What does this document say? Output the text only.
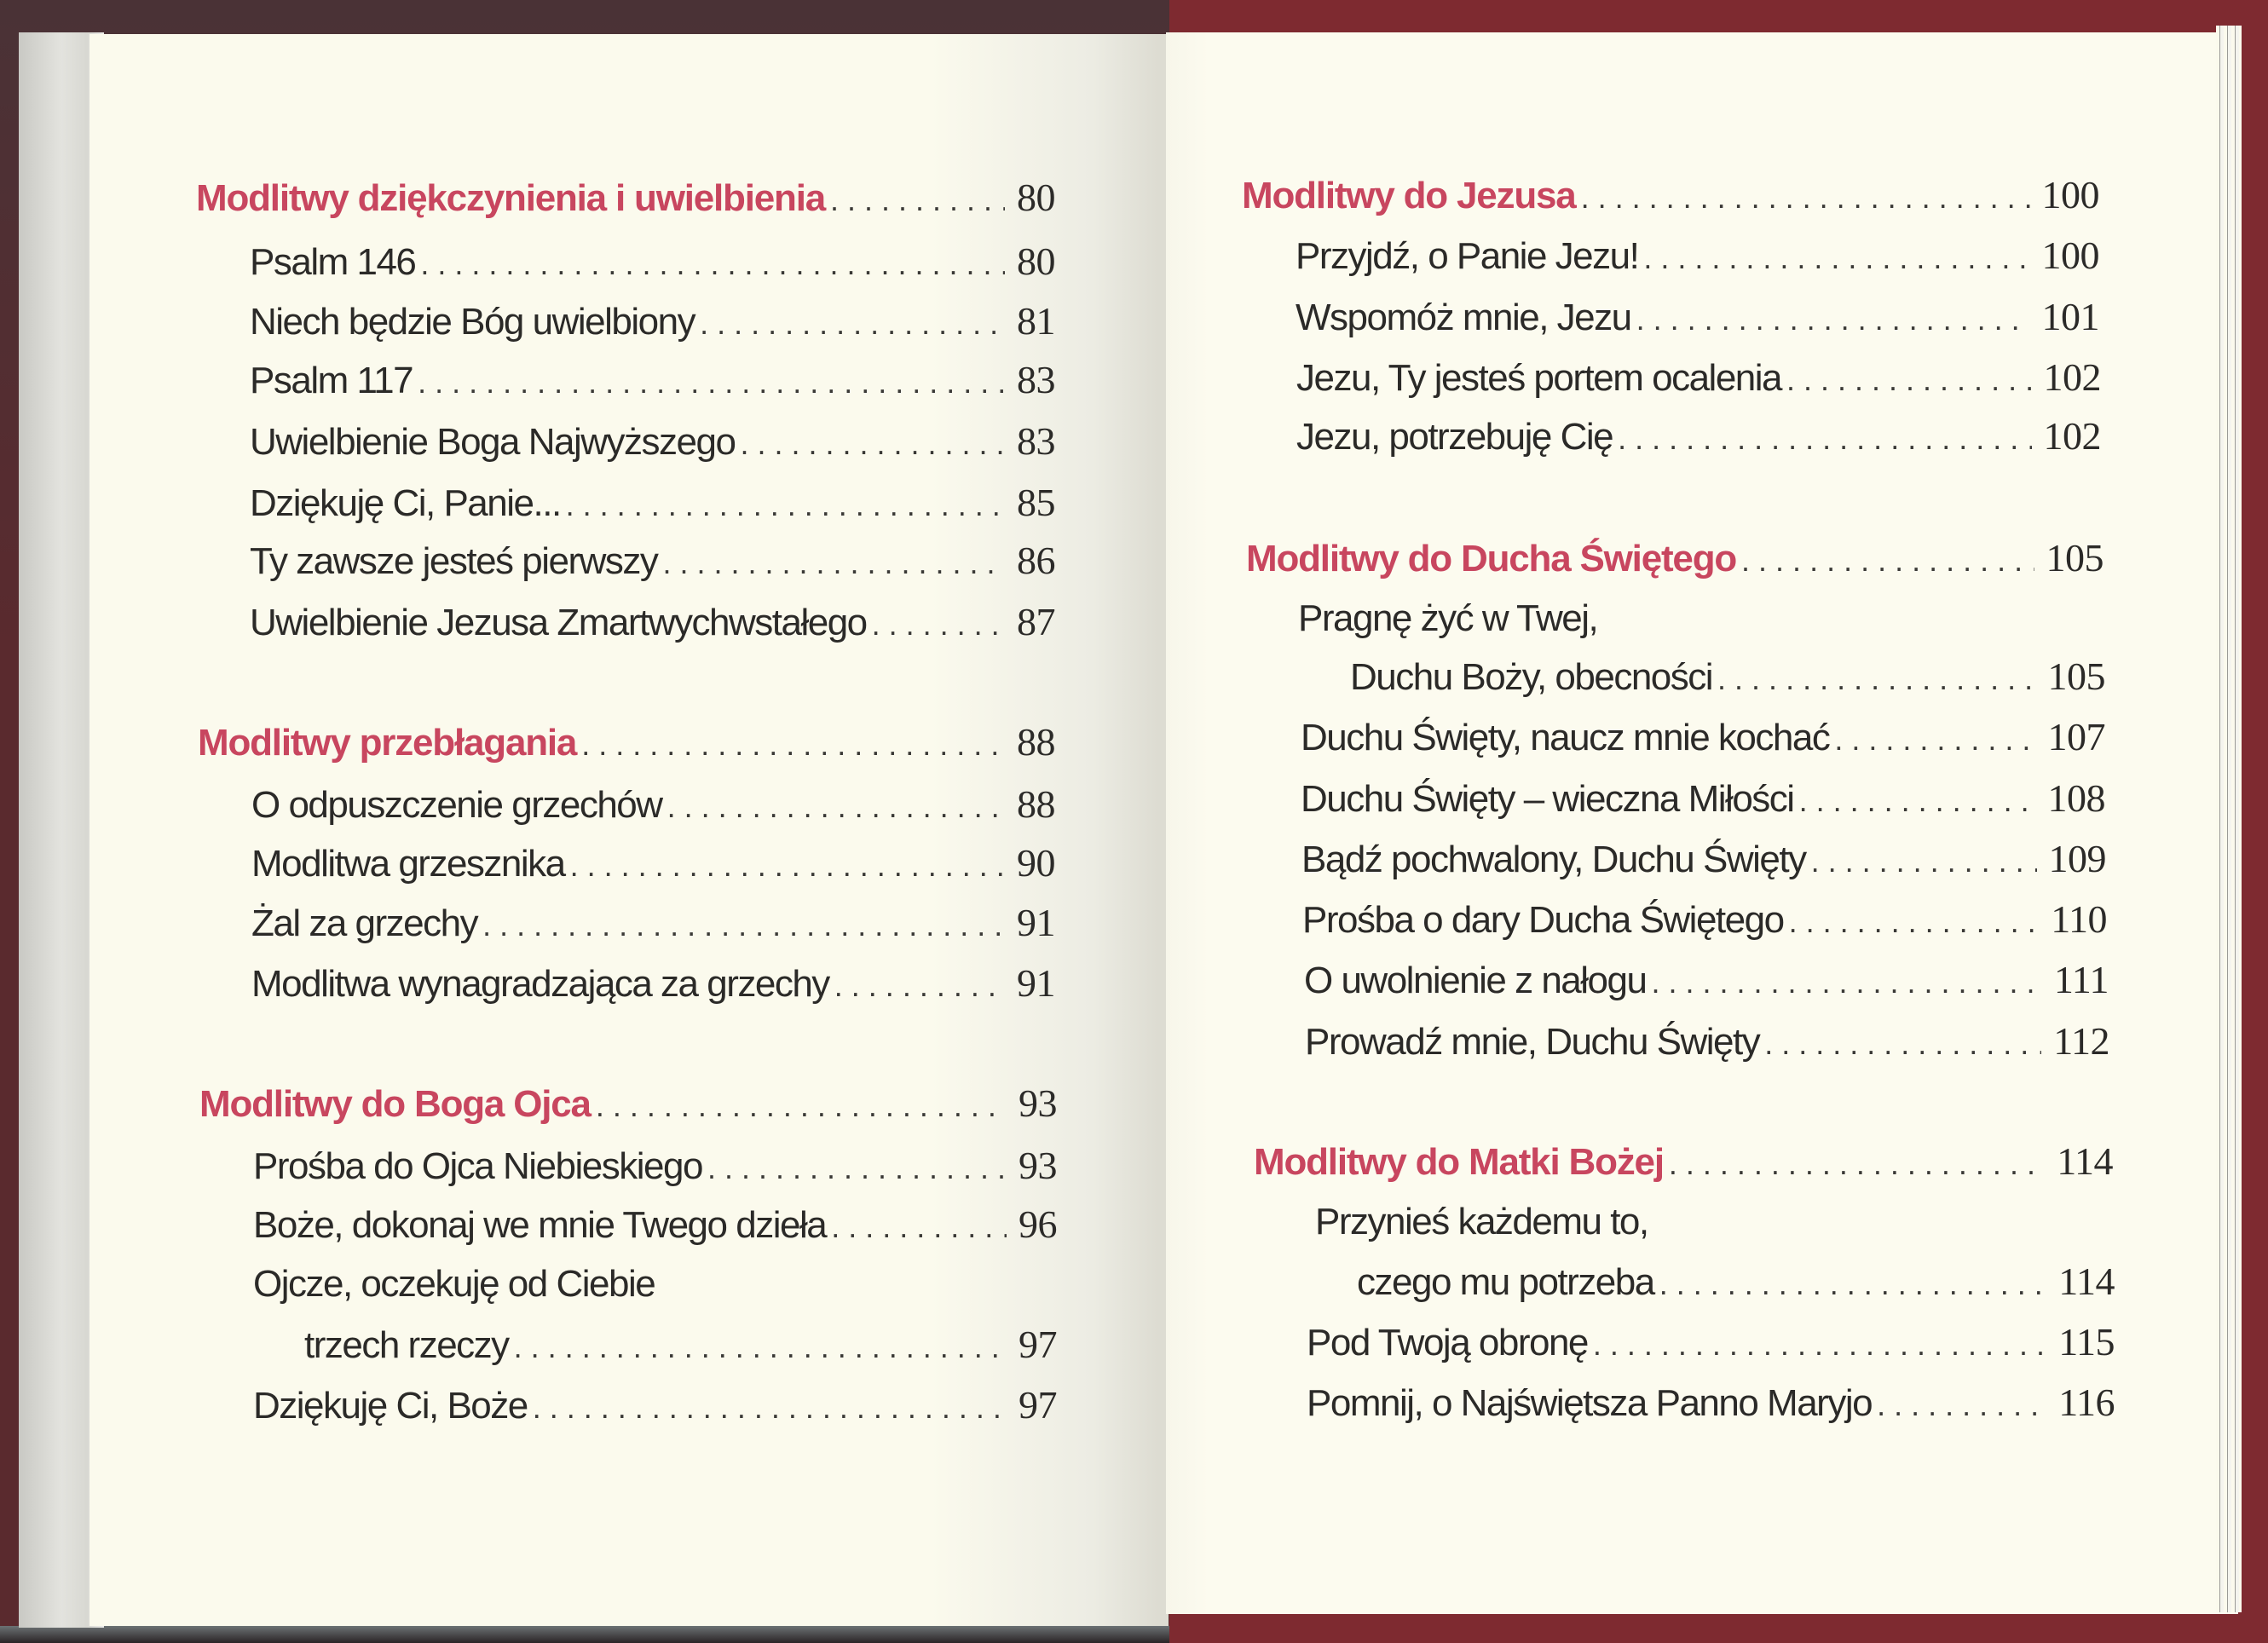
Modlitwy dziękczynienia i uwielbienia . . .	80
Psalm 146 . . .	80
Niech będzie Bóg uwielbiony . . .	81
Psalm 117 . . .	83
Uwielbienie Boga Najwyższego . . .	83
Dziękuję Ci, Panie... . . .	85
Ty zawsze jesteś pierwszy . . .	86
Uwielbienie Jezusa Zmartwychwstałego . . .	87
Modlitwy przebłagania . . .	88
O odpuszczenie grzechów . . .	88
Modlitwa grzesznika . . .	90
Żal za grzechy . . .	91
Modlitwa wynagradzająca za grzechy . . .	91
Modlitwy do Boga Ojca . . .	93
Prośba do Ojca Niebieskiego . . .	93
Boże, dokonaj we mnie Twego dzieła . . .	96
Ojcze, oczekuję od Ciebie
trzech rzeczy . . .	97
Dziękuję Ci, Boże . . .	97
Modlitwy do Jezusa . . .	100
Przyjdź, o Panie Jezu! . . .	100
Wspomóż mnie, Jezu . . .	101
Jezu, Ty jesteś portem ocalenia . . .	102
Jezu, potrzebuję Cię . . .	102
Modlitwy do Ducha Świętego . . .	105
Pragnę żyć w Twej,
Duchu Boży, obecności . . .	105
Duchu Święty, naucz mnie kochać . . .	107
Duchu Święty – wieczna Miłości . . .	108
Bądź pochwalony, Duchu Święty . . .	109
Prośba o dary Ducha Świętego . . .	110
O uwolnienie z nałogu . . .	111
Prowadź mnie, Duchu Święty . . .	112
Modlitwy do Matki Bożej . . .	114
Przynieś każdemu to,
czego mu potrzeba . . .	114
Pod Twoją obronę . . .	115
Pomnij, o Najświętsza Panno Maryjo . . .	116
